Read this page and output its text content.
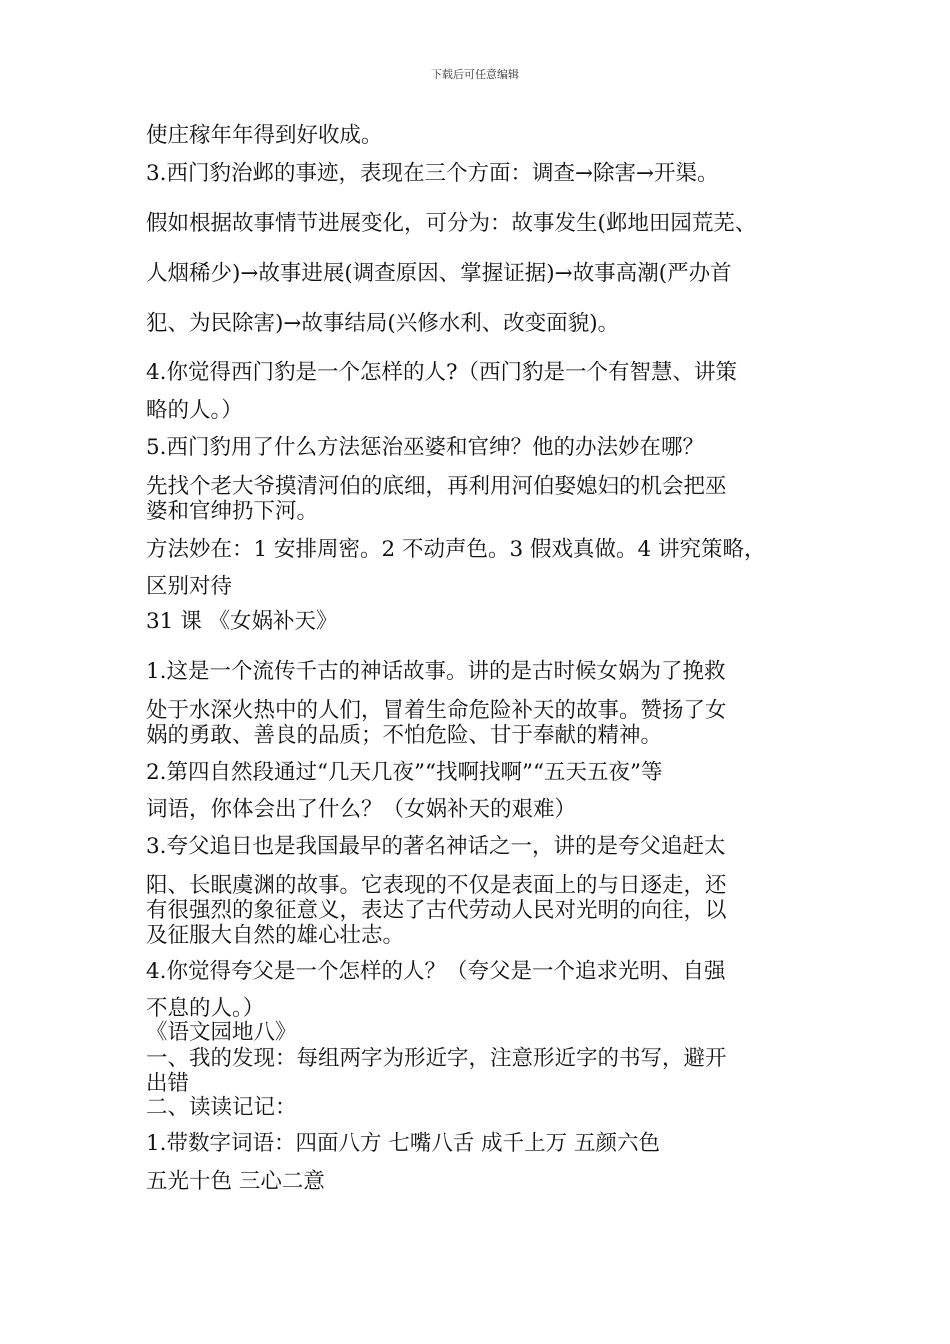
下载后可任意编辑
使庄稼年年得到好收成。
3.西门豹治邺的事迹，表现在三个方面：调查→除害→开渠。
假如根据故事情节进展变化，可分为：故事发生(邺地田园荒芜、
人烟稀少)→故事进展(调查原因、掌握证据)→故事高潮(严办首
犯、为民除害)→故事结局(兴修水利、改变面貌)。
4.你觉得西门豹是一个怎样的人?（西门豹是一个有智慧、讲策
略的人。）
5.西门豹用了什么方法惩治巫婆和官绅？他的办法妙在哪？
先找个老大爷摸清河伯的底细，再利用河伯娶媳妇的机会把巫
婆和官绅扔下河。
方法妙在：1 安排周密。2 不动声色。3 假戏真做。4 讲究策略，
区别对待
31 课 《女娲补天》
1.这是一个流传千古的神话故事。讲的是古时候女娲为了挽救
处于水深火热中的人们，冒着生命危险补天的故事。赞扬了女
娲的勇敢、善良的品质；不怕危险、甘于奉献的精神。
2.第四自然段通过“几天几夜”“找啊找啊”“五天五夜”等
词语，你体会出了什么？（女娲补天的艰难）
3.夸父追日也是我国最早的著名神话之一，讲的是夸父追赶太
阳、长眠虞渊的故事。它表现的不仅是表面上的与日逐走，还
有很强烈的象征意义，表达了古代劳动人民对光明的向往，以
及征服大自然的雄心壮志。
4.你觉得夸父是一个怎样的人？（夸父是一个追求光明、自强
不息的人。）
《语文园地八》
一、我的发现：每组两字为形近字，注意形近字的书写，避开
出错
二、读读记记：
1.带数字词语：四面八方 七嘴八舌 成千上万 五颜六色
五光十色 三心二意
